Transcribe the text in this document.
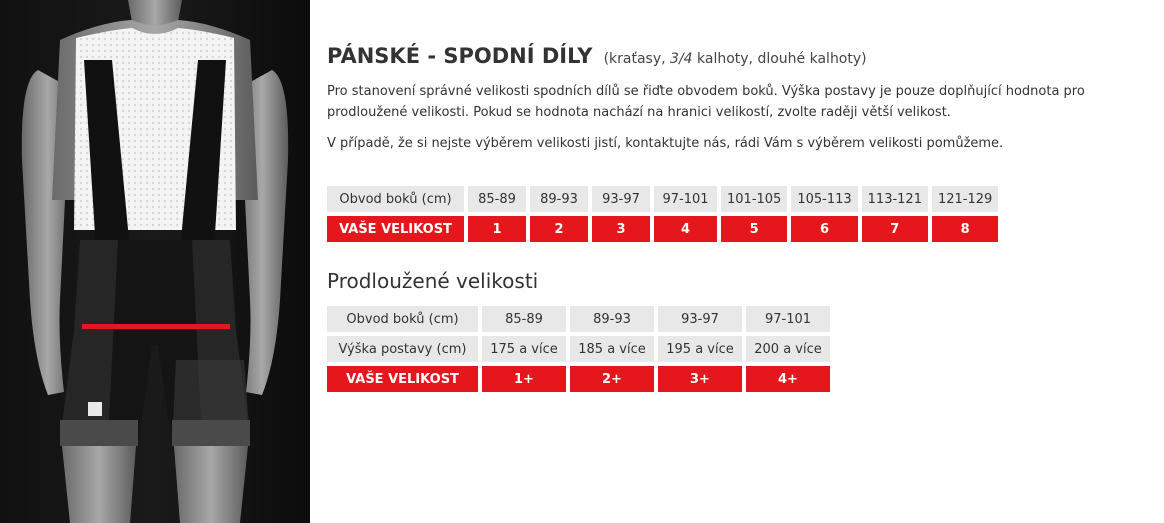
PÁNSKÉ - SPODNÍ DÍLY (kraťasy, 3/4 kalhoty, dlouhé kalhoty)

Pro stanovení správné velikosti spodních dílů se řiďte obvodem boků. Výška postavy je pouze doplňující hodnota pro prodloužené velikosti. Pokud se hodnota nachází na hranici velikostí, zvolte raději větší velikost.

V případě, že si nejste výběrem velikosti jistí, kontaktujte nás, rádi Vám s výběrem velikosti pomůžeme.

Obvod boků (cm)	85-89	89-93	93-97	97-101	101-105	105-113	113-121	121-129
VAŠE VELIKOST	1	2	3	4	5	6	7	8
Prodloužené velikosti
Obvod boků (cm)	85-89	89-93	93-97	97-101
Výška postavy (cm)	175 a více	185 a více	195 a více	200 a více
VAŠE VELIKOST	1+	2+	3+	4+
